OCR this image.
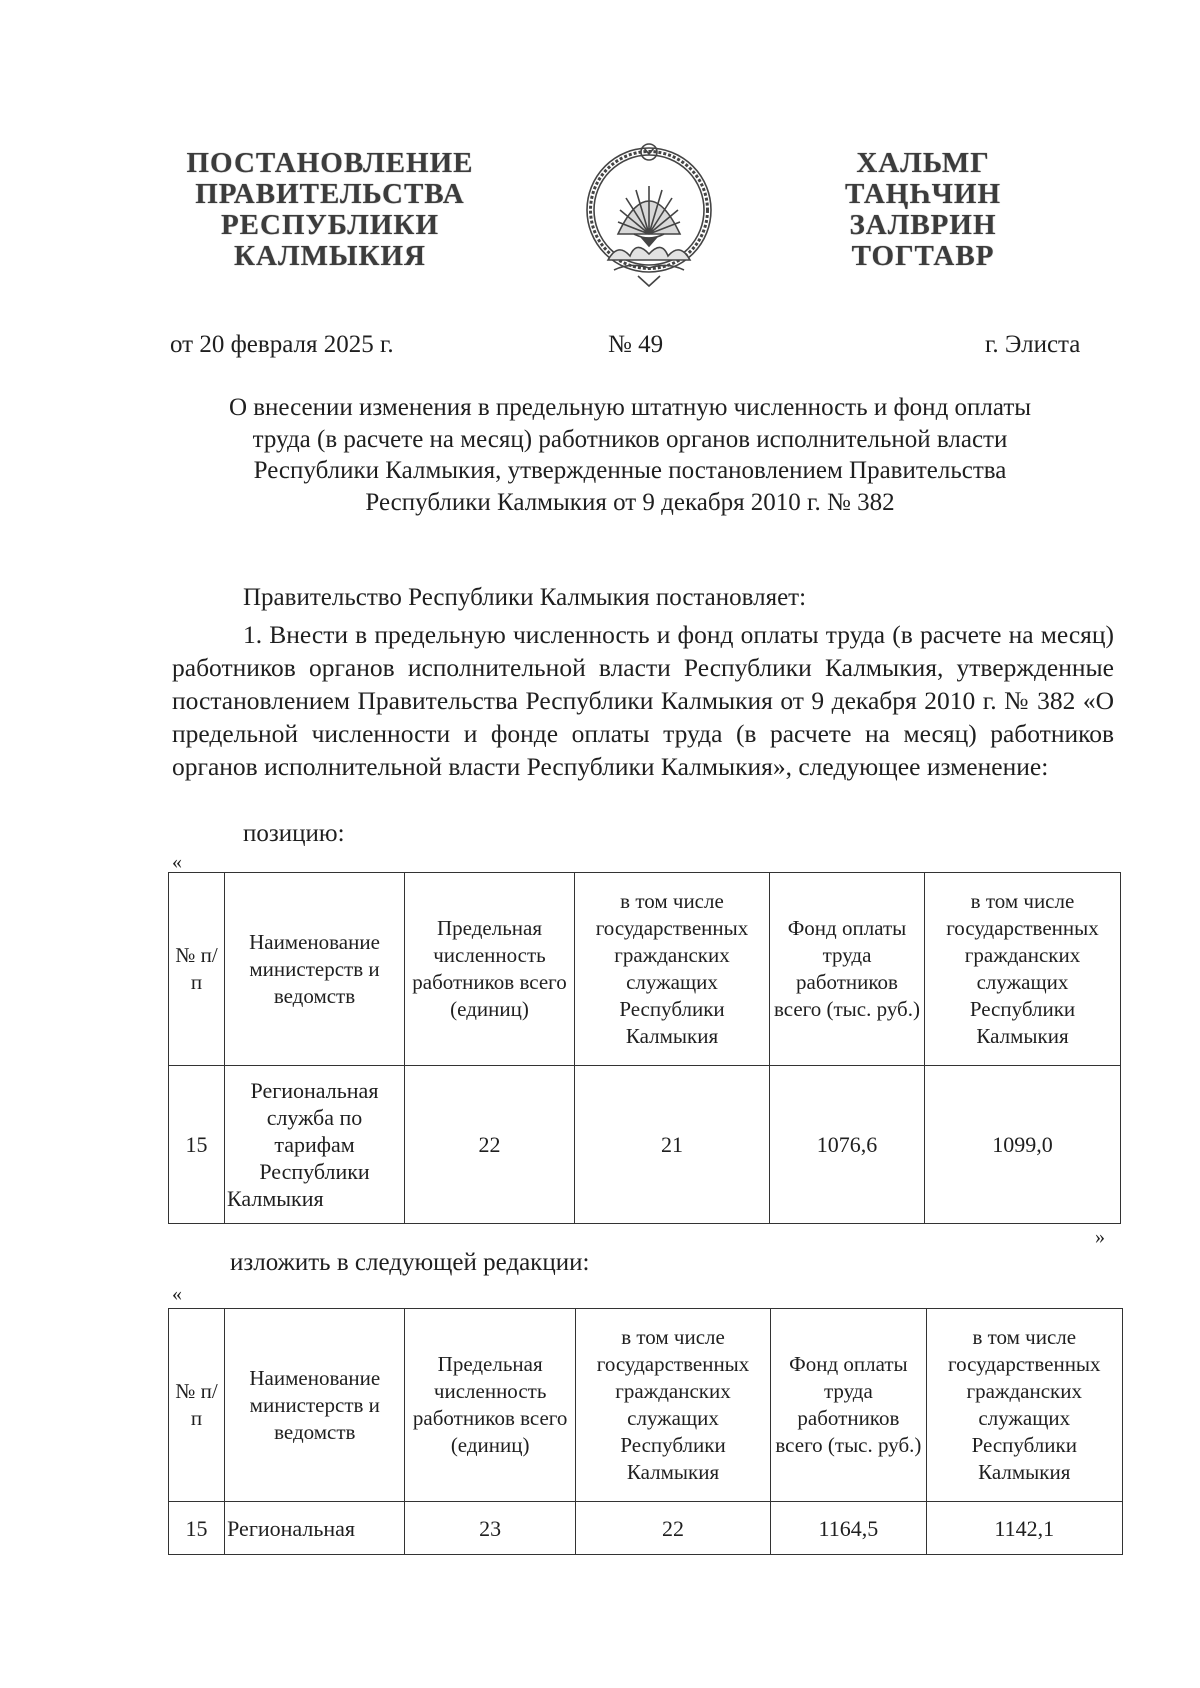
ПОСТАНОВЛЕНИЕ
ПРАВИТЕЛЬСТВА
РЕСПУБЛИКИ
КАЛМЫКИЯ
ХАЛЬМГ
ТАҢҺЧИН
ЗАЛВРИН
ТОГТАВР
от 20 февраля 2025 г.	№ 49	г. Элиста
О внесении изменения в предельную штатную численность и фонд оплаты
труда (в расчете на месяц) работников органов исполнительной власти
Республики Калмыкия, утвержденные постановлением Правительства
Республики Калмыкия от 9 декабря 2010 г. № 382
Правительство Республики Калмыкия постановляет:
1. Внести в предельную численность и фонд оплаты труда (в расчете на месяц) работников органов исполнительной власти Республики Калмыкия, утвержденные постановлением Правительства Республики Калмыкия от 9 декабря 2010 г. № 382 «О предельной численности и фонде оплаты труда (в расчете на месяц) работников органов исполнительной власти Республики Калмыкия», следующее изменение:
позицию:
«
№ п/п	Наименование министерств и ведомств	Предельная численность работников всего (единиц)	в том числе государственных гражданских служащих Республики Калмыкия	Фонд оплаты труда работников всего (тыс. руб.)	в том числе государственных гражданских служащих Республики Калмыкия
15	Региональная служба по тарифам Республики Калмыкия	22	21	1076,6	1099,0
»
изложить в следующей редакции:
«
№ п/п	Наименование министерств и ведомств	Предельная численность работников всего (единиц)	в том числе государственных гражданских служащих Республики Калмыкия	Фонд оплаты труда работников всего (тыс. руб.)	в том числе государственных гражданских служащих Республики Калмыкия
15	Региональная	23	22	1164,5	1142,1
